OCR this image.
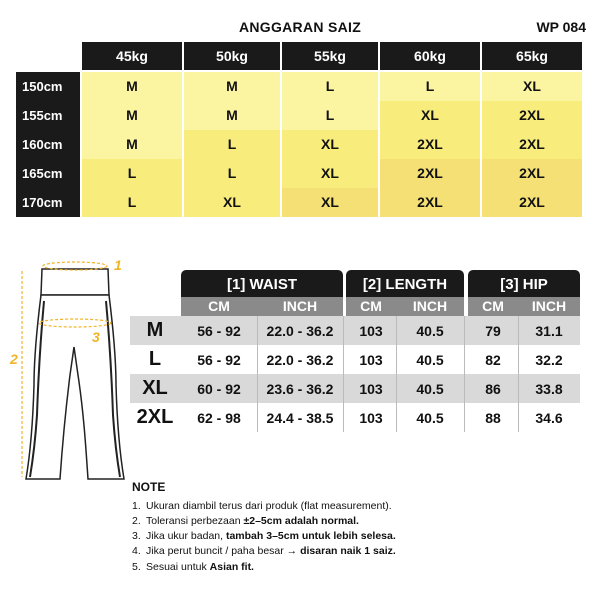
ANGGARAN SAIZ	WP 084
45kg	50kg	55kg	60kg	65kg
150cm	M	M	L	L	XL
155cm	M	M	L	XL	2XL
160cm	M	L	XL	2XL	2XL
165cm	L	L	XL	2XL	2XL
170cm	L	XL	XL	2XL	2XL
1
2
3
[1] WAIST	[2] LENGTH	[3] HIP
CM	INCH	CM	INCH	CM	INCH
M	56 - 92	22.0 - 36.2	103	40.5	79	31.1
L	56 - 92	22.0 - 36.2	103	40.5	82	32.2
XL	60 - 92	23.6 - 36.2	103	40.5	86	33.8
2XL	62 - 98	24.4 - 38.5	103	40.5	88	34.6
NOTE
1. Ukuran diambil terus dari produk (flat measurement).
2. Toleransi perbezaan ±2–5cm adalah normal.
3. Jika ukur badan, tambah 3–5cm untuk lebih selesa.
4. Jika perut buncit / paha besar → disaran naik 1 saiz.
5. Sesuai untuk Asian fit.
